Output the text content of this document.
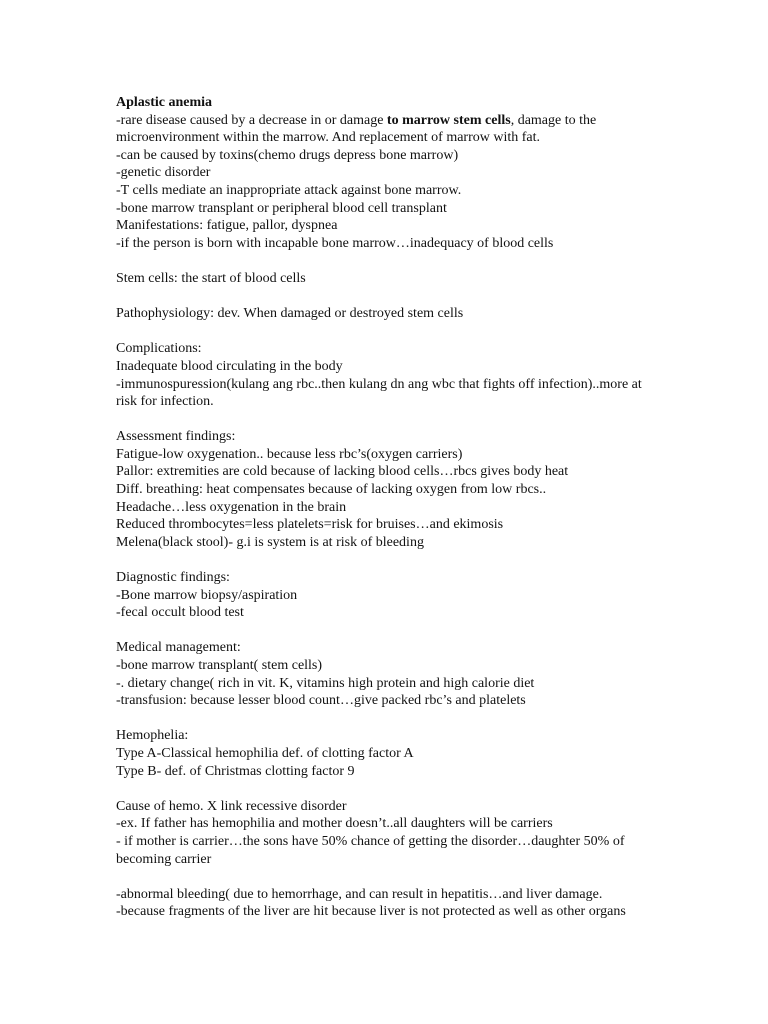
Aplastic anemia

-rare disease caused by a decrease in or damage to marrow stem cells, damage to the microenvironment within the marrow. And replacement of marrow with fat.

-can be caused by toxins(chemo drugs depress bone marrow)

-genetic disorder

-T cells mediate an inappropriate attack against bone marrow.

-bone marrow transplant or peripheral blood cell transplant

Manifestations: fatigue, pallor, dyspnea

-if the person is born with incapable bone marrow…inadequacy of blood cells

Stem cells: the start of blood cells

Pathophysiology: dev. When damaged or destroyed stem cells

Complications:

Inadequate blood circulating in the body

-immunospuression(kulang ang rbc..then kulang dn ang wbc that fights off infection)..more at risk for infection.

Assessment findings:

Fatigue-low oxygenation.. because less rbc’s(oxygen carriers)

Pallor: extremities are cold because of lacking blood cells…rbcs gives body heat

Diff. breathing: heat compensates because of lacking oxygen from low rbcs..

Headache…less oxygenation in the brain

Reduced thrombocytes=less platelets=risk for bruises…and ekimosis

Melena(black stool)- g.i is system is at risk of bleeding

Diagnostic findings:

-Bone marrow biopsy/aspiration

-fecal occult blood test

Medical management:

-bone marrow transplant( stem cells)

-. dietary change( rich in vit. K, vitamins high protein and high calorie diet

-transfusion: because lesser blood count…give packed rbc’s and platelets

Hemophelia:

Type A-Classical hemophilia def. of clotting factor A

Type B- def. of Christmas clotting factor 9

Cause of hemo. X link recessive disorder

-ex. If father has hemophilia and mother doesn’t..all daughters will be carriers

- if mother is carrier…the sons have 50% chance of getting the disorder…daughter 50% of becoming carrier

-abnormal bleeding( due to hemorrhage, and can result in hepatitis…and liver damage.

-because fragments of the liver are hit because liver is not protected as well as other organs
